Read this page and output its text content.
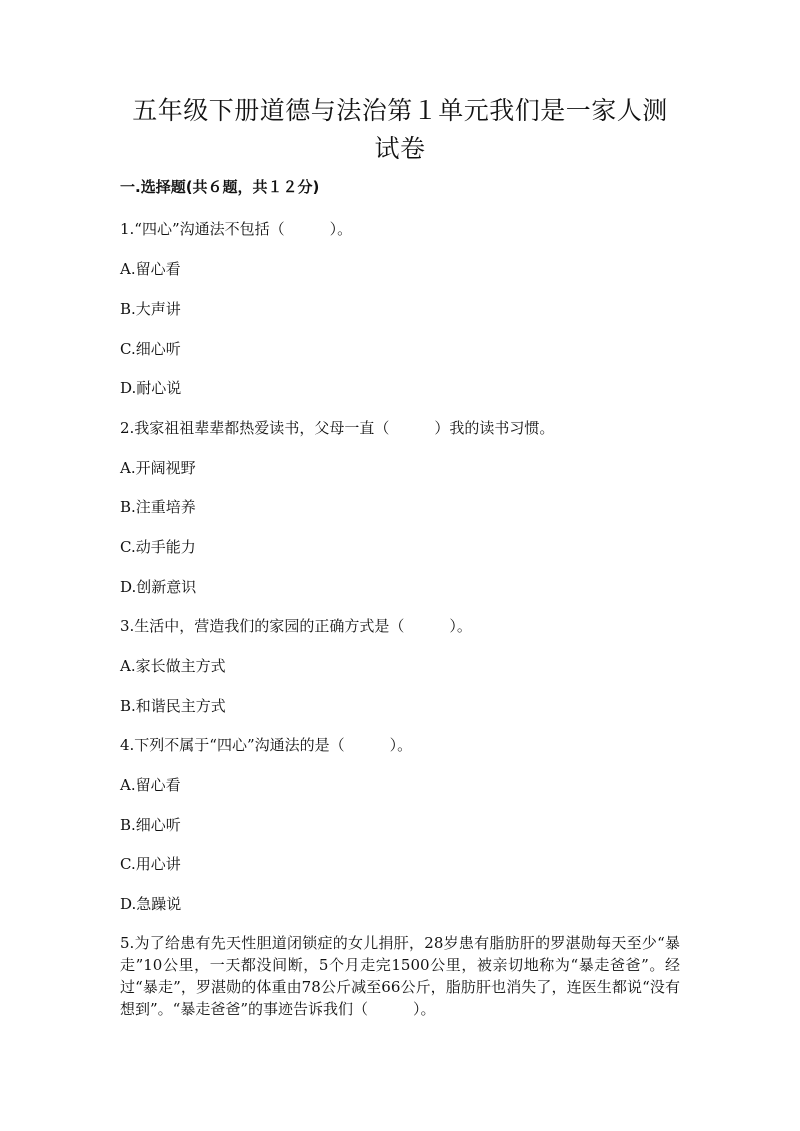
五年级下册道德与法治第１单元我们是一家人测试卷
一.选择题(共６题，共１２分)

1.“四心”沟通法不包括（　　　）。

A.留心看

B.大声讲

C.细心听

D.耐心说

2.我家祖祖辈辈都热爱读书，父母一直（　　　）我的读书习惯。

A.开阔视野

B.注重培养

C.动手能力

D.创新意识

3.生活中，营造我们的家园的正确方式是（　　　）。

A.家长做主方式

B.和谐民主方式

4.下列不属于“四心”沟通法的是（　　　）。

A.留心看

B.细心听

C.用心讲

D.急躁说

5.为了给患有先天性胆道闭锁症的女儿捐肝，28岁患有脂肪肝的罗湛勋每天至少“暴走”10公里，一天都没间断，5个月走完1500公里，被亲切地称为“暴走爸爸”。经过“暴走”，罗湛勋的体重由78公斤减至66公斤，脂肪肝也消失了，连医生都说“没有想到”。“暴走爸爸”的事迹告诉我们（　　　）。
